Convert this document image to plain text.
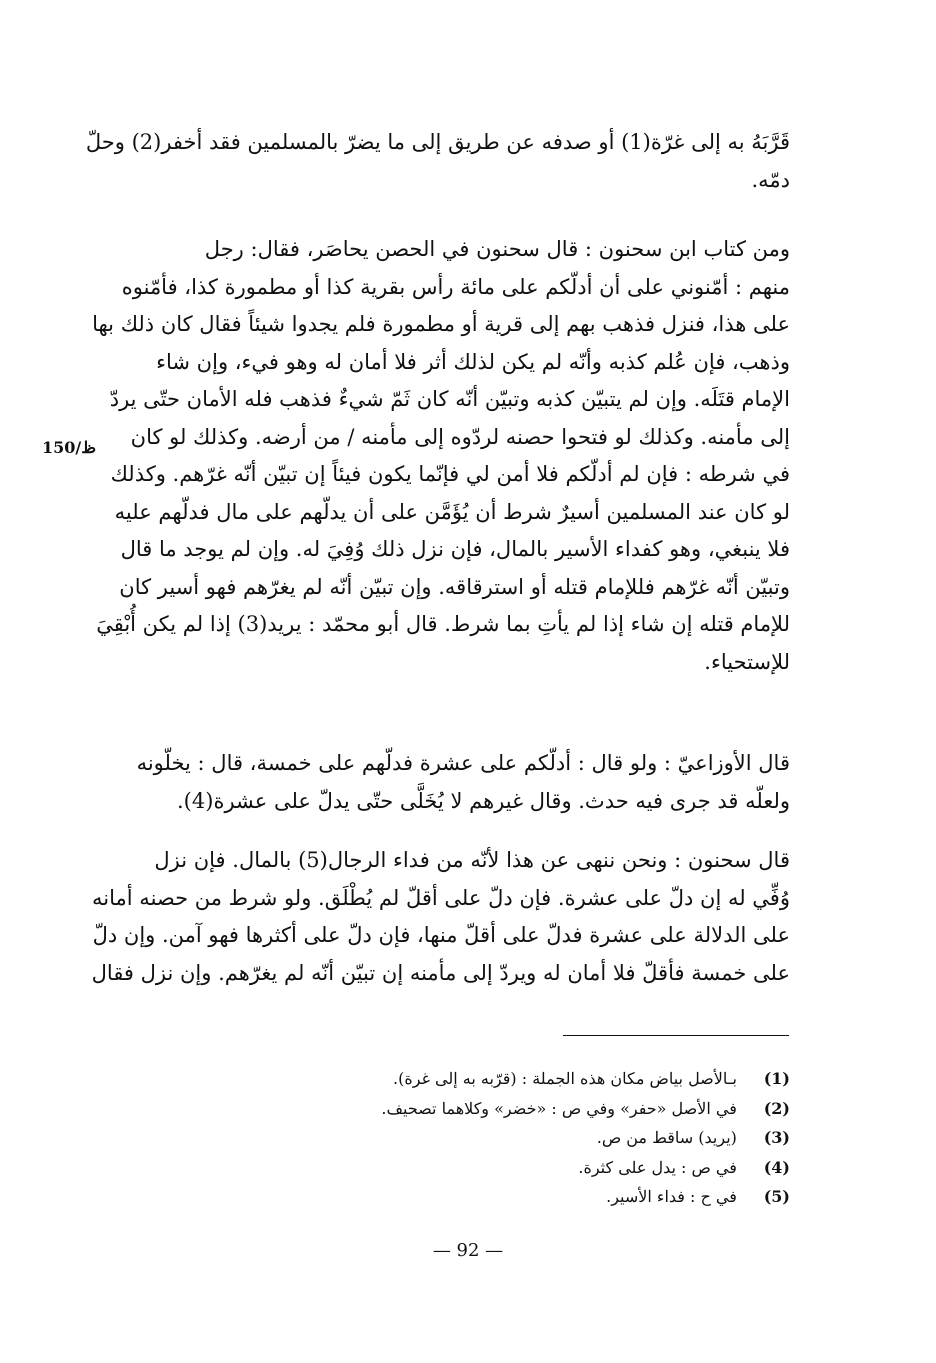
قَرَّبَهُ به إلى غرّة(1) أو صدفه عن طريق إلى ما يضرّ بالمسلمين فقد أخفر(2) وحلّ
دمّه.
ومن كتاب ابن سحنون : قال سحنون في الحصن يحاصَر، فقال: رجل
منهم : أمّنوني على أن أدلّكم على مائة رأس بقرية كذا أو مطمورة كذا، فأمّنوه
على هذا، فنزل فذهب بهم إلى قرية أو مطمورة فلم يجدوا شيئاً فقال كان ذلك بها
وذهب، فإن عُلم كذبه وأنّه لم يكن لذلك أثر فلا أمان له وهو فيء، وإن شاء
الإمام قتَلَه. وإن لم يتبيّن كذبه وتبيّن أنّه كان ثَمّ شيءٌ فذهب فله الأمان حتّى يردّ
إلى مأمنه. وكذلك لو فتحوا حصنه لردّوه إلى مأمنه / من أرضه. وكذلك لو كان
في شرطه : فإن لم أدلّكم فلا أمن لي فإنّما يكون فيئاً إن تبيّن أنّه غرّهم. وكذلك
لو كان عند المسلمين أسيرٌ شرط أن يُؤَمَّن على أن يدلّهم على مال فدلّهم عليه
فلا ينبغي، وهو كفداء الأسير بالمال، فإن نزل ذلك وُفِيَ له. وإن لم يوجد ما قال
وتبيّن أنّه غرّهم فللإمام قتله أو استرقاقه. وإن تبيّن أنّه لم يغرّهم فهو أسير كان
للإمام قتله إن شاء إذا لم يأتِ بما شرط. قال أبو محمّد : يريد(3) إذا لم يكن أُبْقِيَ
للإستحياء.
150/ظ
قال الأوزاعيّ : ولو قال : أدلّكم على عشرة فدلّهم على خمسة، قال : يخلّونه
ولعلّه قد جرى فيه حدث. وقال غيرهم لا يُخَلَّى حتّى يدلّ على عشرة(4).
قال سحنون : ونحن ننهى عن هذا لأنّه من فداء الرجال(5) بالمال. فإن نزل
وُفِّي له إن دلّ على عشرة. فإن دلّ على أقلّ لم يُطْلَق. ولو شرط من حصنه أمانه
على الدلالة على عشرة فدلّ على أقلّ منها، فإن دلّ على أكثرها فهو آمن. وإن دلّ
على خمسة فأقلّ فلا أمان له ويردّ إلى مأمنه إن تبيّن أنّه لم يغرّهم. وإن نزل فقال
(1) بـالأصل بياض مكان هذه الجملة : (قرّبه به إلى غرة).
(2) في الأصل «حفر» وفي ص : «خضر» وكلاهما تصحيف.
(3) (يريد) ساقط من ص.
(4) في ص : يدل على كثرة.
(5) في ح : فداء الأسير.
— 92 —
